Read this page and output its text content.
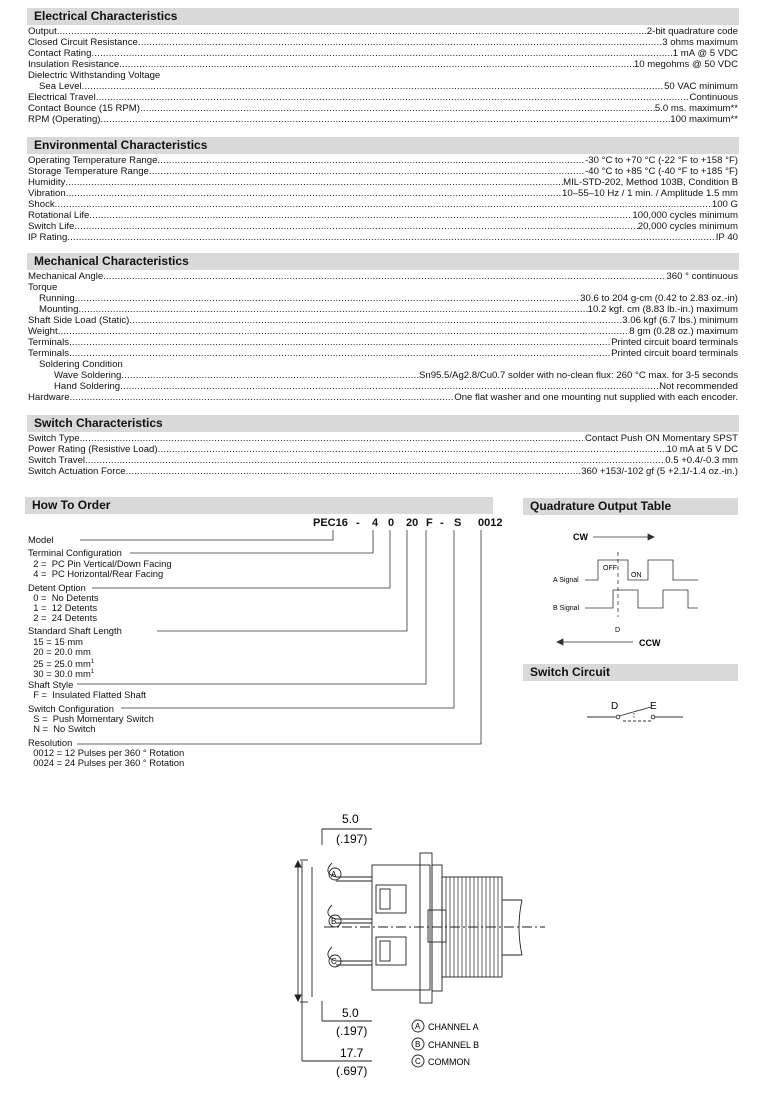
Electrical Characteristics
Output .....	2-bit quadrature code
Closed Circuit Resistance .....	3 ohms maximum
Contact Rating .....	1 mA @ 5 VDC
Insulation Resistance .....	10 megohms @ 50 VDC
Dielectric Withstanding Voltage
Sea Level .....	50 VAC minimum
Electrical Travel .....	Continuous
Contact Bounce (15 RPM) .....	5.0 ms. maximum**
RPM (Operating) .....	100 maximum**
Environmental Characteristics
Operating Temperature Range .....	-30 °C to +70 °C (-22 °F to +158 °F)
Storage Temperature Range .....	-40 °C to +85 °C (-40 °F to +185 °F)
Humidity .....	MIL-STD-202, Method 103B, Condition B
Vibration .....	10–55–10 Hz / 1 min. / Amplitude 1.5 mm
Shock .....	100 G
Rotational Life .....	100,000 cycles minimum
Switch Life .....	20,000 cycles minimum
IP Rating .....	IP 40
Mechanical Characteristics
Mechanical Angle .....	360 ° continuous
Torque
Running .....	30.6 to 204 g-cm (0.42 to 2.83 oz.-in)
Mounting .....	10.2 kgf. cm (8.83 lb.-in.) maximum
Shaft Side Load (Static) .....	3.06 kgf (6.7 lbs.) minimum
Weight .....	8 gm (0.28 oz.) maximum
Terminals .....	Printed circuit board terminals
Terminals .....	Printed circuit board terminals
Soldering Condition
Wave Soldering .....	Sn95.5/Ag2.8/Cu0.7 solder with no-clean flux: 260 °C max. for 3-5 seconds
Hand Soldering .....	Not recommended
Hardware .....	One flat washer and one mounting nut supplied with each encoder.
Switch Characteristics
Switch Type .....	Contact Push ON Momentary SPST
Power Rating (Resistive Load) .....	10 mA at 5 V DC
Switch Travel .....	0.5 +0.4/-0.3 mm
Switch Actuation Force .....	360 +153/-102 gf (5 +2.1/-1.4 oz.-in.)
How To Order
PEC16 - 4 0 20 F - S 0012
Model
Terminal Configuration
2 =  PC Pin Vertical/Down Facing
4 =  PC Horizontal/Rear Facing
Detent Option
0 =  No Detents
1 =  12 Detents
2 =  24 Detents
Standard Shaft Length
15 = 15 mm
20 = 20.0 mm
25 = 25.0 $mm^1$
30 = 30.0 $mm^1$
Shaft Style
F =  Insulated Flatted Shaft
Switch Configuration
S =  Push Momentary Switch
N =  No Switch
Resolution
0012 = 12 Pulses per 360 ° Rotation
0024 = 24 Pulses per 360 ° Rotation
Quadrature Output Table
CW
A Signal
B Signal
OFF
ON
D
CCW
Switch Circuit
D	E
5.0
(.197)
A
B
C
5.0
(.197)
17.7
(.697)
A
B
C
CHANNEL A
CHANNEL B
COMMON
